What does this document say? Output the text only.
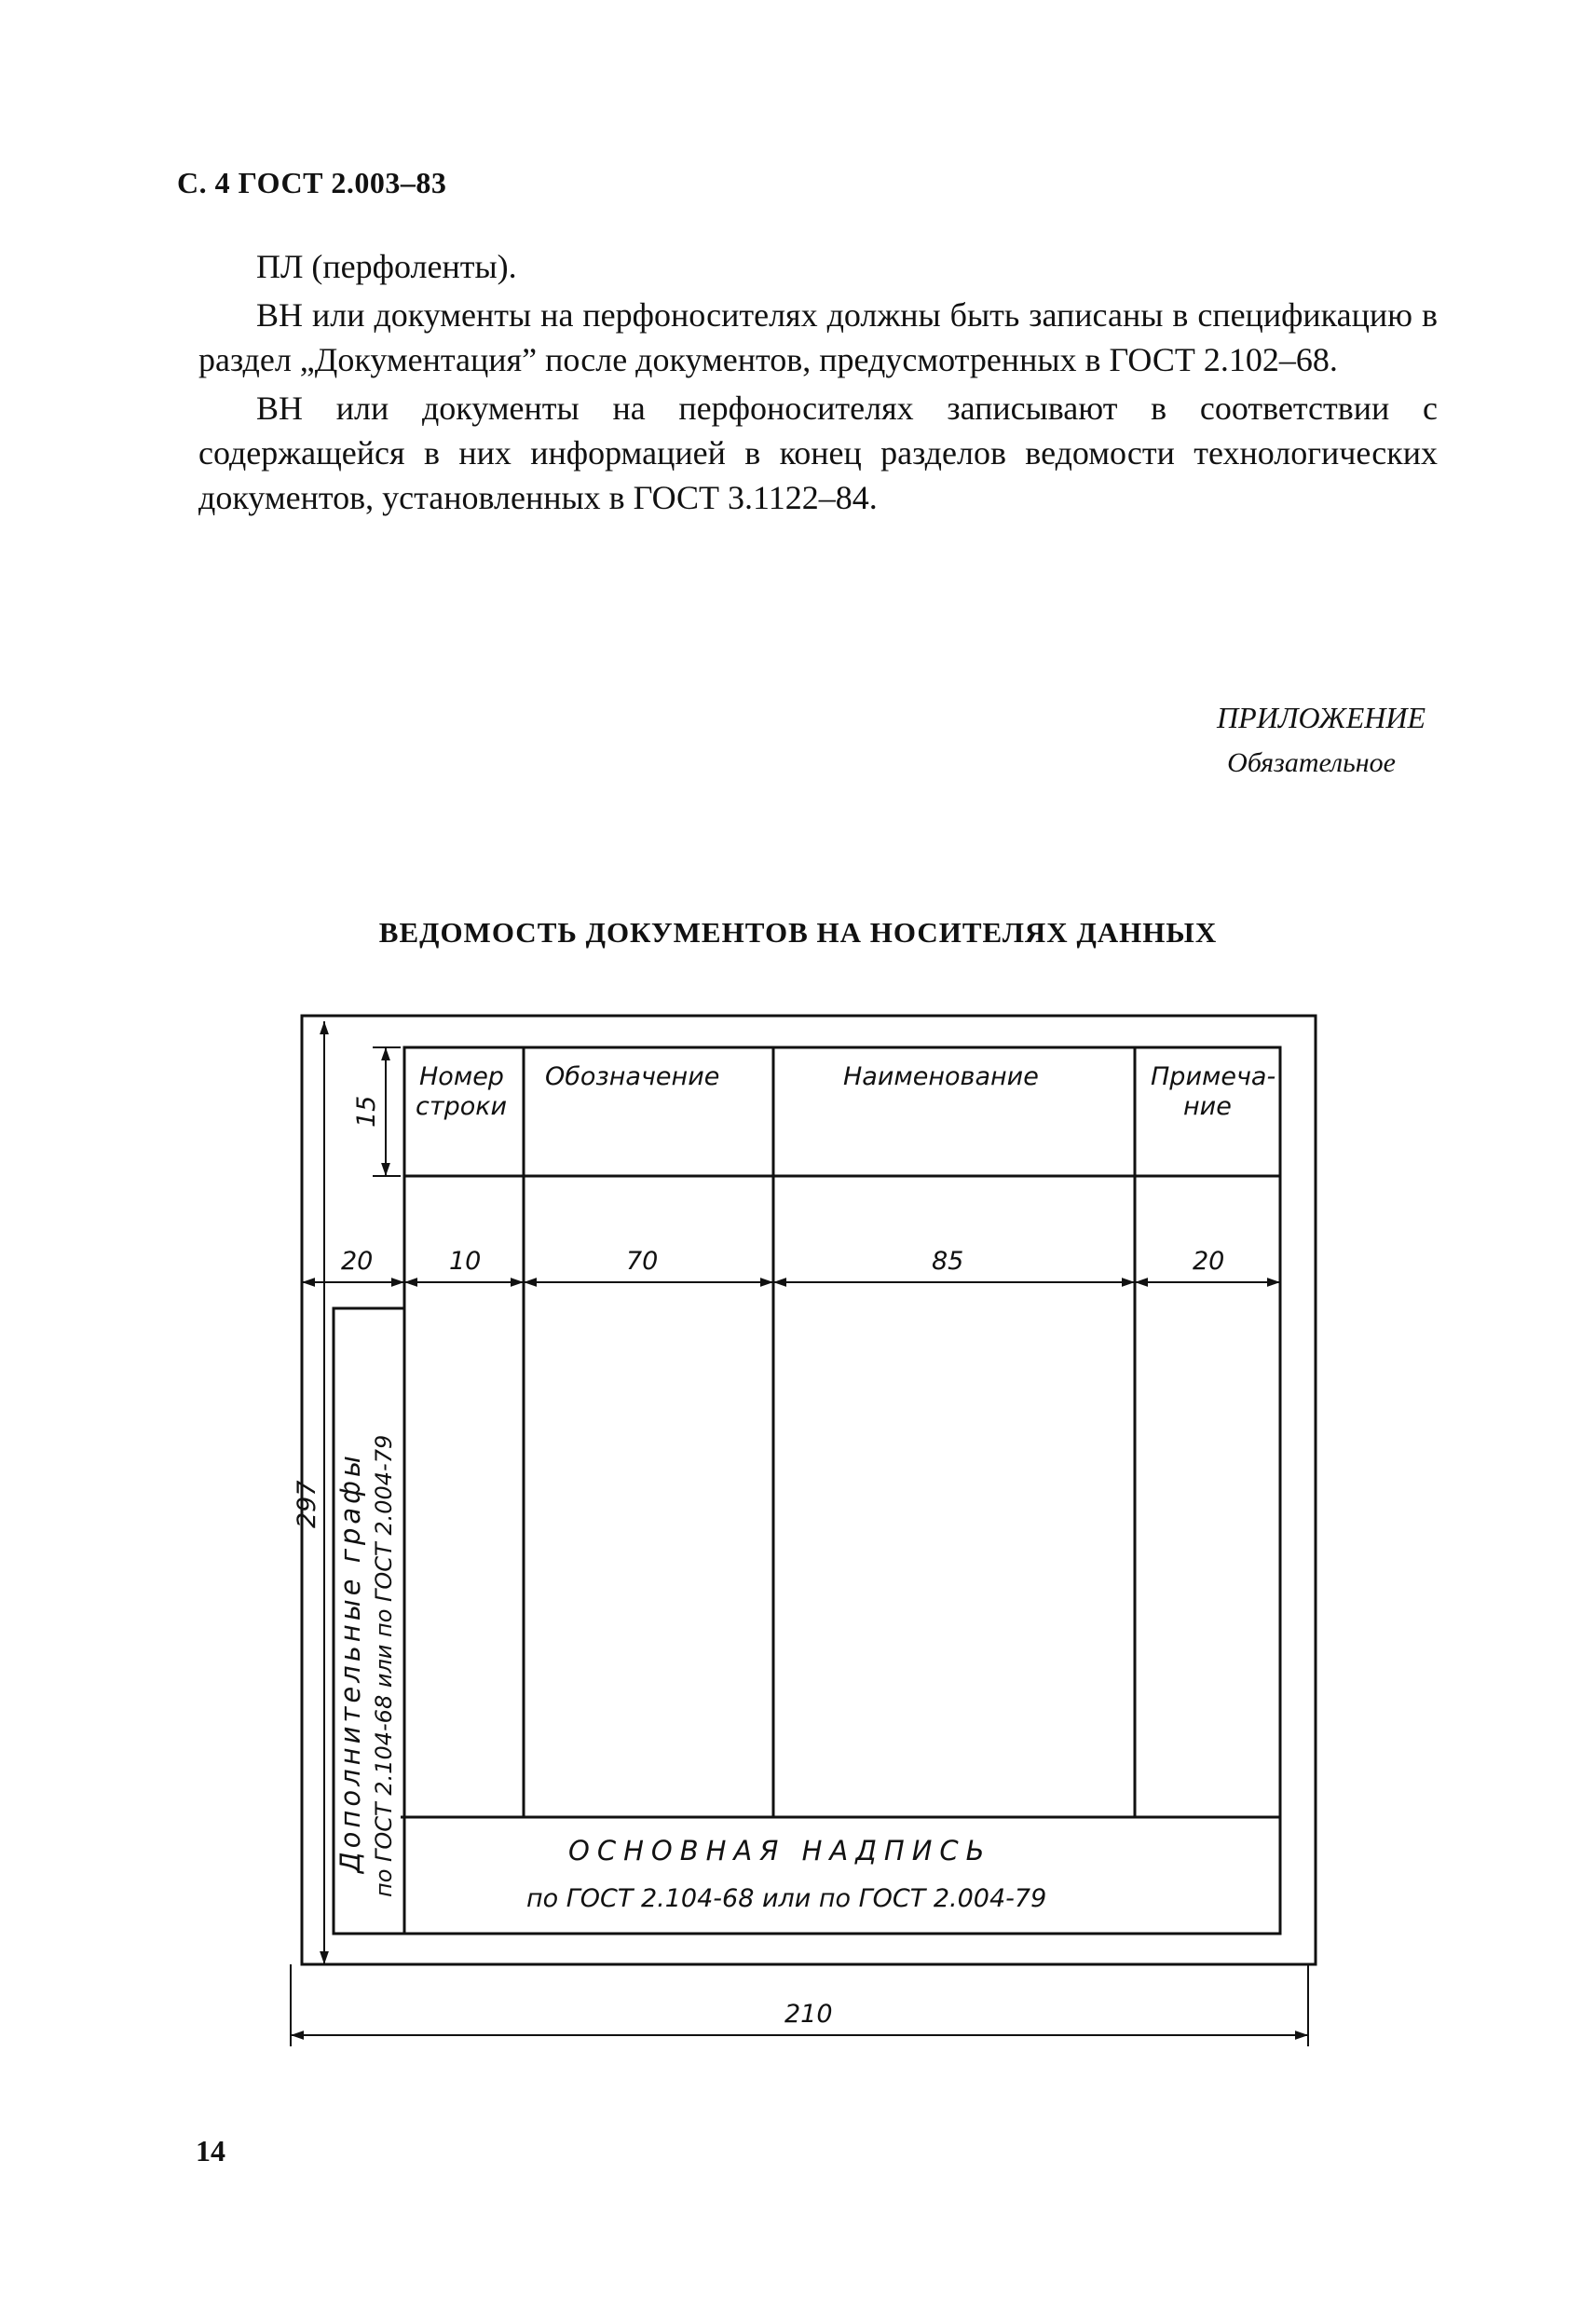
С. 4 ГОСТ 2.003–83

ПЛ (перфоленты).

ВН или документы на перфоносителях должны быть записаны в спецификацию в раздел „Документация” после документов, предусмотренных в ГОСТ 2.102–68.

ВН или документы на перфоносителях записывают в соответствии с содержащейся в них информацией в конец разделов ведомости технологических документов, установленных в ГОСТ 3.1122–84.

ПРИЛОЖЕНИЕ
Обязательное
ВЕДОМОСТЬ ДОКУМЕНТОВ НА НОСИТЕЛЯХ ДАННЫХ
Номер
строки
Обозначение	Наименование	Примеча-
ние
15
20	10	70	85	20
297
210
Дополнительные графы по ГОСТ 2.104-68 или по ГОСТ 2.004-79	ОСНОВНАЯ НАДПИСЬ
по ГОСТ 2.104-68 или по ГОСТ 2.004-79
14
